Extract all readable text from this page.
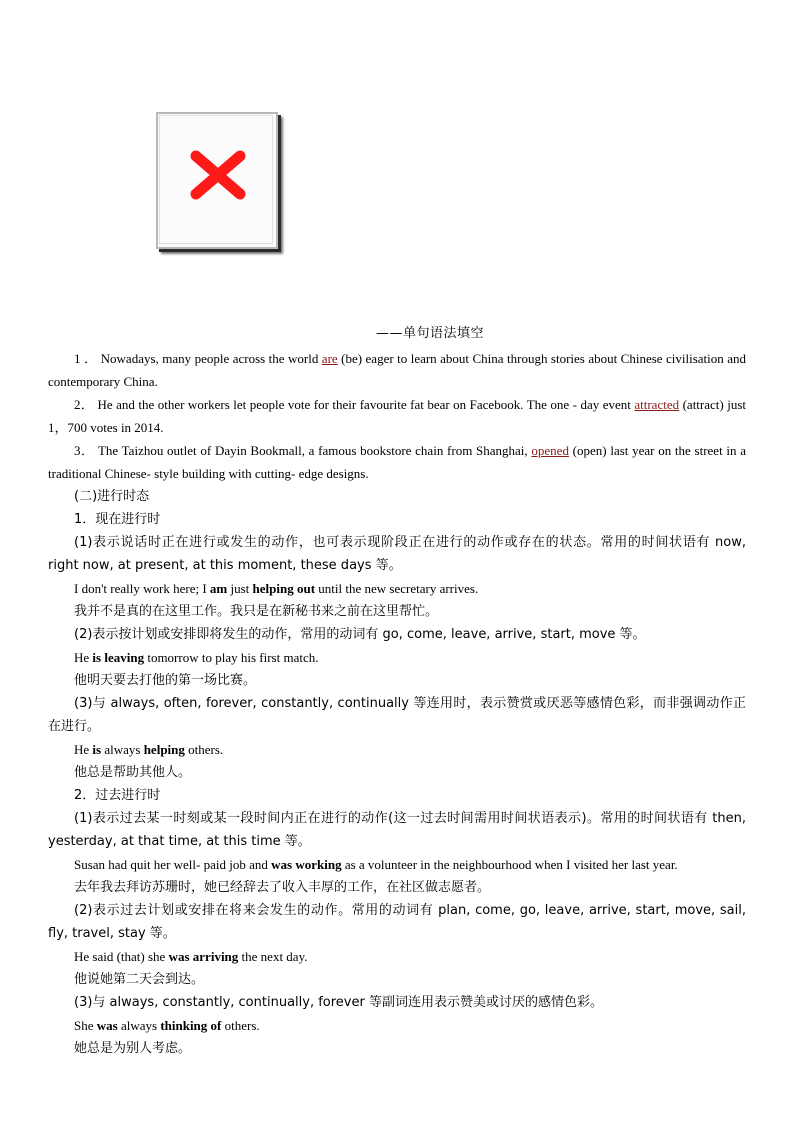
——单句语法填空

1 ． Nowadays, many people across the world are (be) eager to learn about China through stories about Chinese civilisation and contemporary China.

2． He and the other workers let people vote for their favourite fat bear on Facebook. The one - day event attracted (attract) just 1，700 votes in 2014.

3． The Taizhou outlet of Dayin Bookmall, a famous bookstore chain from Shanghai, opened (open) last year on the street in a traditional Chinese- style building with cutting- edge designs.

(二)进行时态

1．现在进行时

(1)表示说话时正在进行或发生的动作，也可表示现阶段正在进行的动作或存在的状态。常用的时间状语有 now, right now, at present, at this moment, these days 等。

I don't really work here; I am just helping out until the new secretary arrives.

我并不是真的在这里工作。我只是在新秘书来之前在这里帮忙。

(2)表示按计划或安排即将发生的动作，常用的动词有 go, come, leave, arrive, start, move 等。

He is leaving tomorrow to play his first match.

他明天要去打他的第一场比赛。

(3)与 always, often, forever, constantly, continually 等连用时，表示赞赏或厌恶等感情色彩，而非强调动作正在进行。

He is always helping others.

他总是帮助其他人。

2．过去进行时

(1)表示过去某一时刻或某一段时间内正在进行的动作(这一过去时间需用时间状语表示)。常用的时间状语有 then, yesterday, at that time, at this time 等。

Susan had quit her well- paid job and was working as a volunteer in the neighbourhood when I visited her last year.

去年我去拜访苏珊时，她已经辞去了收入丰厚的工作，在社区做志愿者。

(2)表示过去计划或安排在将来会发生的动作。常用的动词有 plan, come, go, leave, arrive, start, move, sail, fly, travel, stay 等。

He said (that) she was arriving the next day.

他说她第二天会到达。

(3)与 always, constantly, continually, forever 等副词连用表示赞美或讨厌的感情色彩。

She was always thinking of others.

她总是为别人考虑。
